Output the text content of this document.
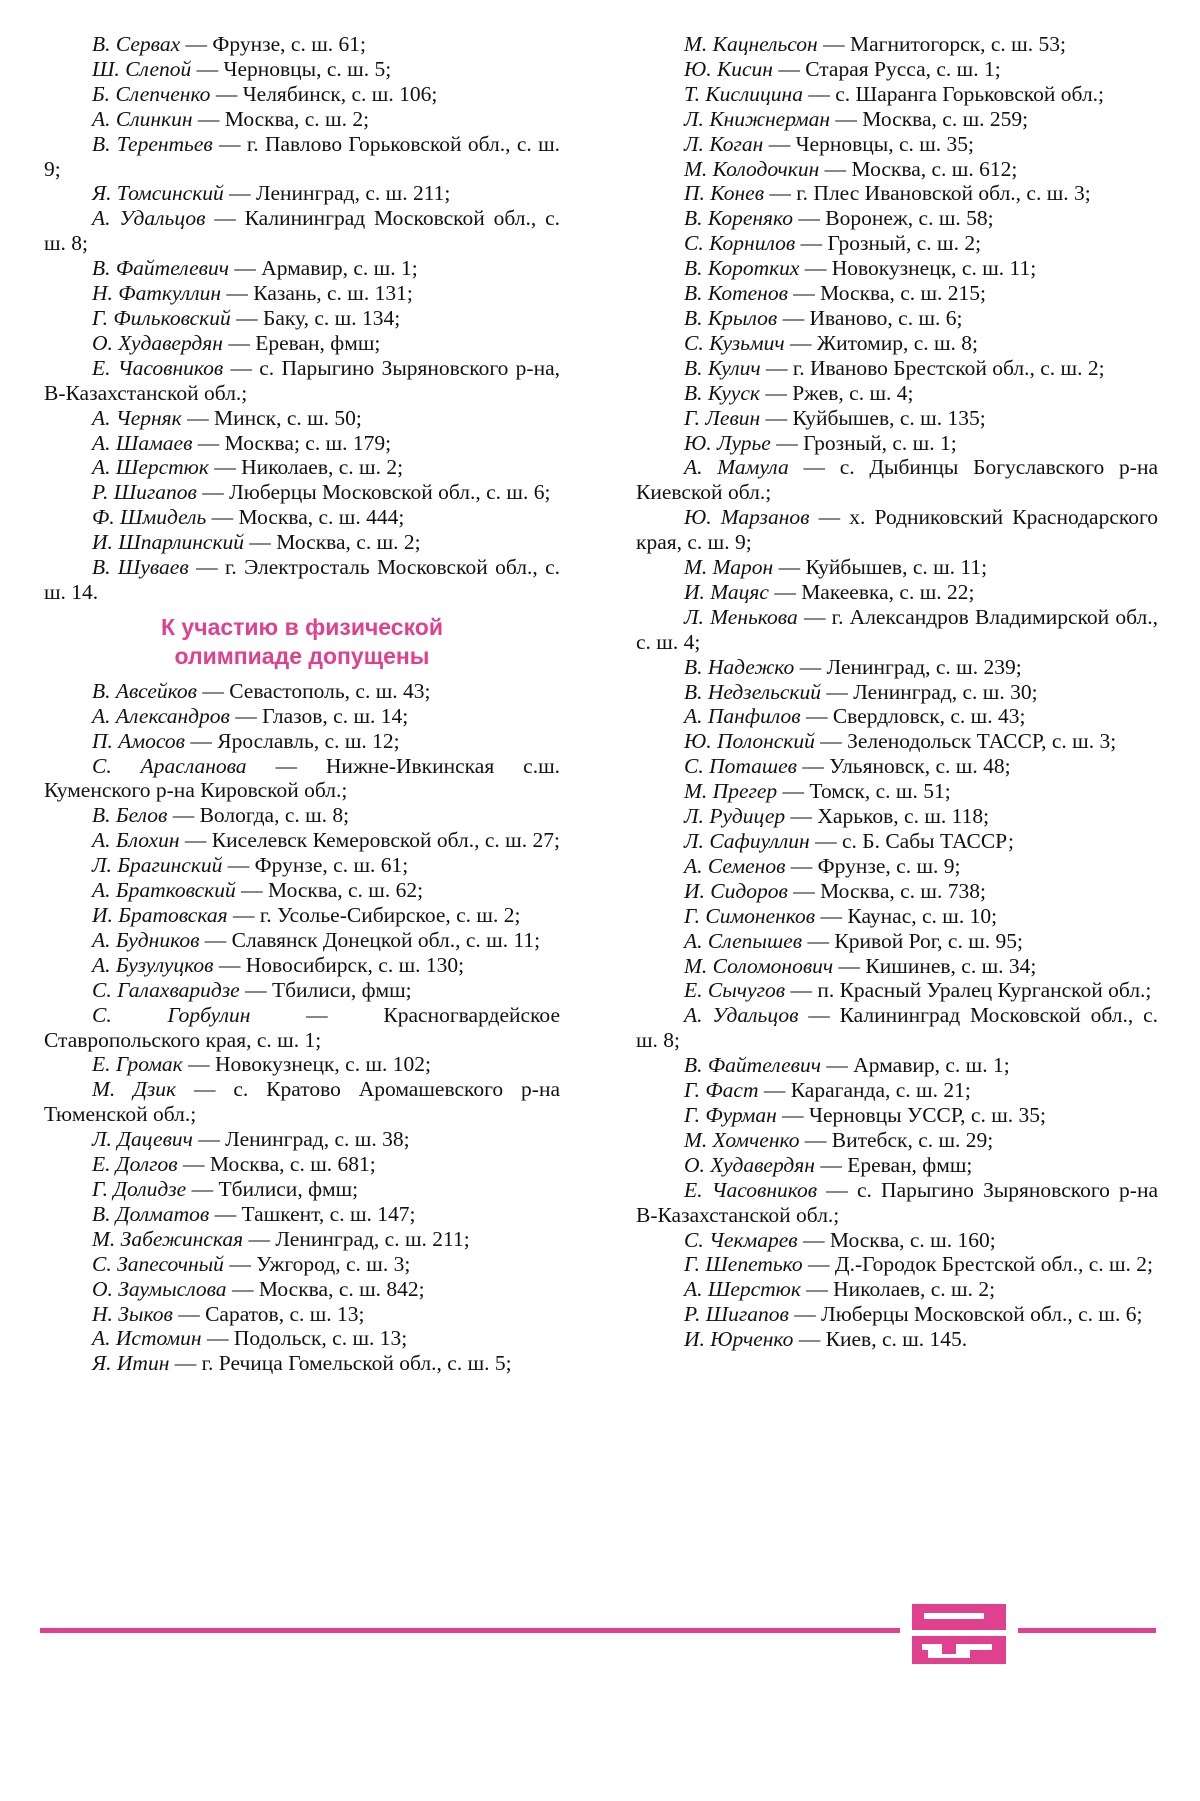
В. Сервах — Фрунзе, с. ш. 61;

Ш. Слепой — Черновцы, с. ш. 5;

Б. Слепченко — Челябинск, с. ш. 106;

А. Слинкин — Москва, с. ш. 2;

В. Терентьев — г. Павлово Горьковской обл., с. ш. 9;

Я. Томсинский — Ленинград, с. ш. 211;

А. Удальцов — Калининград Московской обл., с. ш. 8;

В. Файтелевич — Армавир, с. ш. 1;

Н. Фаткуллин — Казань, с. ш. 131;

Г. Фильковский — Баку, с. ш. 134;

О. Худавердян — Ереван, фмш;

Е. Часовников — с. Парыгино Зыряновского р-на, В-Казахстанской обл.;

А. Черняк — Минск, с. ш. 50;

А. Шамаев — Москва; с. ш. 179;

А. Шерстюк — Николаев, с. ш. 2;

Р. Шигапов — Люберцы Московской обл., с. ш. 6;

Ф. Шмидель — Москва, с. ш. 444;

И. Шпарлинский — Москва, с. ш. 2;

В. Шуваев — г. Электросталь Московской обл., с. ш. 14.

К участию в физической
олимпиаде допущены

В. Авсейков — Севастополь, с. ш. 43;

А. Александров — Глазов, с. ш. 14;

П. Амосов — Ярославль, с. ш. 12;

С. Арасланова — Нижне-Ивкинская с.ш. Куменского р-на Кировской обл.;

В. Белов — Вологда, с. ш. 8;

А. Блохин — Киселевск Кемеровской обл., с. ш. 27;

Л. Брагинский — Фрунзе, с. ш. 61;

А. Братковский — Москва, с. ш. 62;

И. Братовская — г. Усолье-Сибирское, с. ш. 2;

А. Будников — Славянск Донецкой обл., с. ш. 11;

А. Бузулуцков — Новосибирск, с. ш. 130;

С. Галахваридзе — Тбилиси, фмш;

С.	Горбулин — Красногвардейское Ставропольского края, с. ш. 1;

Е. Громак — Новокузнецк, с. ш. 102;

М. Дзик — с. Кратово Аромашевского р-на Тюменской обл.;

Л. Дацевич — Ленинград, с. ш. 38;

Е. Долгов — Москва, с. ш. 681;

Г. Долидзе — Тбилиси, фмш;

В. Долматов — Ташкент, с. ш. 147;

М. Забежинская — Ленинград, с. ш. 211;

С. Запесочный — Ужгород, с. ш. 3;

О. Заумыслова — Москва, с. ш. 842;

Н. Зыков — Саратов, с. ш. 13;

А. Истомин — Подольск, с. ш. 13;

Я. Итин — г. Речица Гомельской обл., с. ш. 5;

М. Кацнельсон — Магнитогорск, с. ш. 53;

Ю. Кисин — Старая Русса, с. ш. 1;

Т. Кислицина — с. Шаранга Горьковской обл.;

Л. Книжнерман — Москва, с. ш. 259;

Л. Коган — Черновцы, с. ш. 35;

М. Колодочкин — Москва, с. ш. 612;

П. Конев — г. Плес Ивановской обл., с. ш. 3;

В. Кореняко — Воронеж, с. ш. 58;

С. Корнилов — Грозный, с. ш. 2;

В. Коротких — Новокузнецк, с. ш. 11;

В. Котенов — Москва, с. ш. 215;

В. Крылов — Иваново, с. ш. 6;

С. Кузьмич — Житомир, с. ш. 8;

В. Кулич — г. Иваново Брестской обл., с. ш. 2;

В. Кууск — Ржев, с. ш. 4;

Г. Левин — Куйбышев, с. ш. 135;

Ю. Лурье — Грозный, с. ш. 1;

А. Мамула — с. Дыбинцы Богуславского р-на Киевской обл.;

Ю. Марзанов — х. Родниковский Краснодарского края, с. ш. 9;

М. Марон — Куйбышев, с. ш. 11;

И. Мацяс — Макеевка, с. ш. 22;

Л. Менькова — г. Александров Владимирской обл., с. ш. 4;

В. Надежко — Ленинград, с. ш. 239;

В. Недзельский — Ленинград, с. ш. 30;

А. Панфилов — Свердловск, с. ш. 43;

Ю. Полонский — Зеленодольск ТАССР, с. ш. 3;

С. Поташев — Ульяновск, с. ш. 48;

М. Прегер — Томск, с. ш. 51;

Л. Рудицер — Харьков, с. ш. 118;

Л. Сафиуллин — с. Б. Сабы ТАССР;

А. Семенов — Фрунзе, с. ш. 9;

И. Сидоров — Москва, с. ш. 738;

Г. Симоненков — Каунас, с. ш. 10;

А. Слепышев — Кривой Рог, с. ш. 95;

М. Соломонович — Кишинев, с. ш. 34;

Е. Сычугов — п. Красный Уралец Курганской обл.;

А. Удальцов — Калининград Московской обл., с. ш. 8;

В. Файтелевич — Армавир, с. ш. 1;

Г. Фаст — Караганда, с. ш. 21;

Г. Фурман — Черновцы УССР, с. ш. 35;

М. Хомченко — Витебск, с. ш. 29;

О. Худавердян — Ереван, фмш;

Е. Часовников — с. Парыгино Зыряновского р-на В-Казахстанской обл.;

С. Чекмарев — Москва, с. ш. 160;

Г. Шепетько — Д.-Городок Брестской обл., с. ш. 2;

А. Шерстюк — Николаев, с. ш. 2;

Р. Шигапов — Люберцы Московской обл., с. ш. 6;

И. Юрченко — Киев, с. ш. 145.
